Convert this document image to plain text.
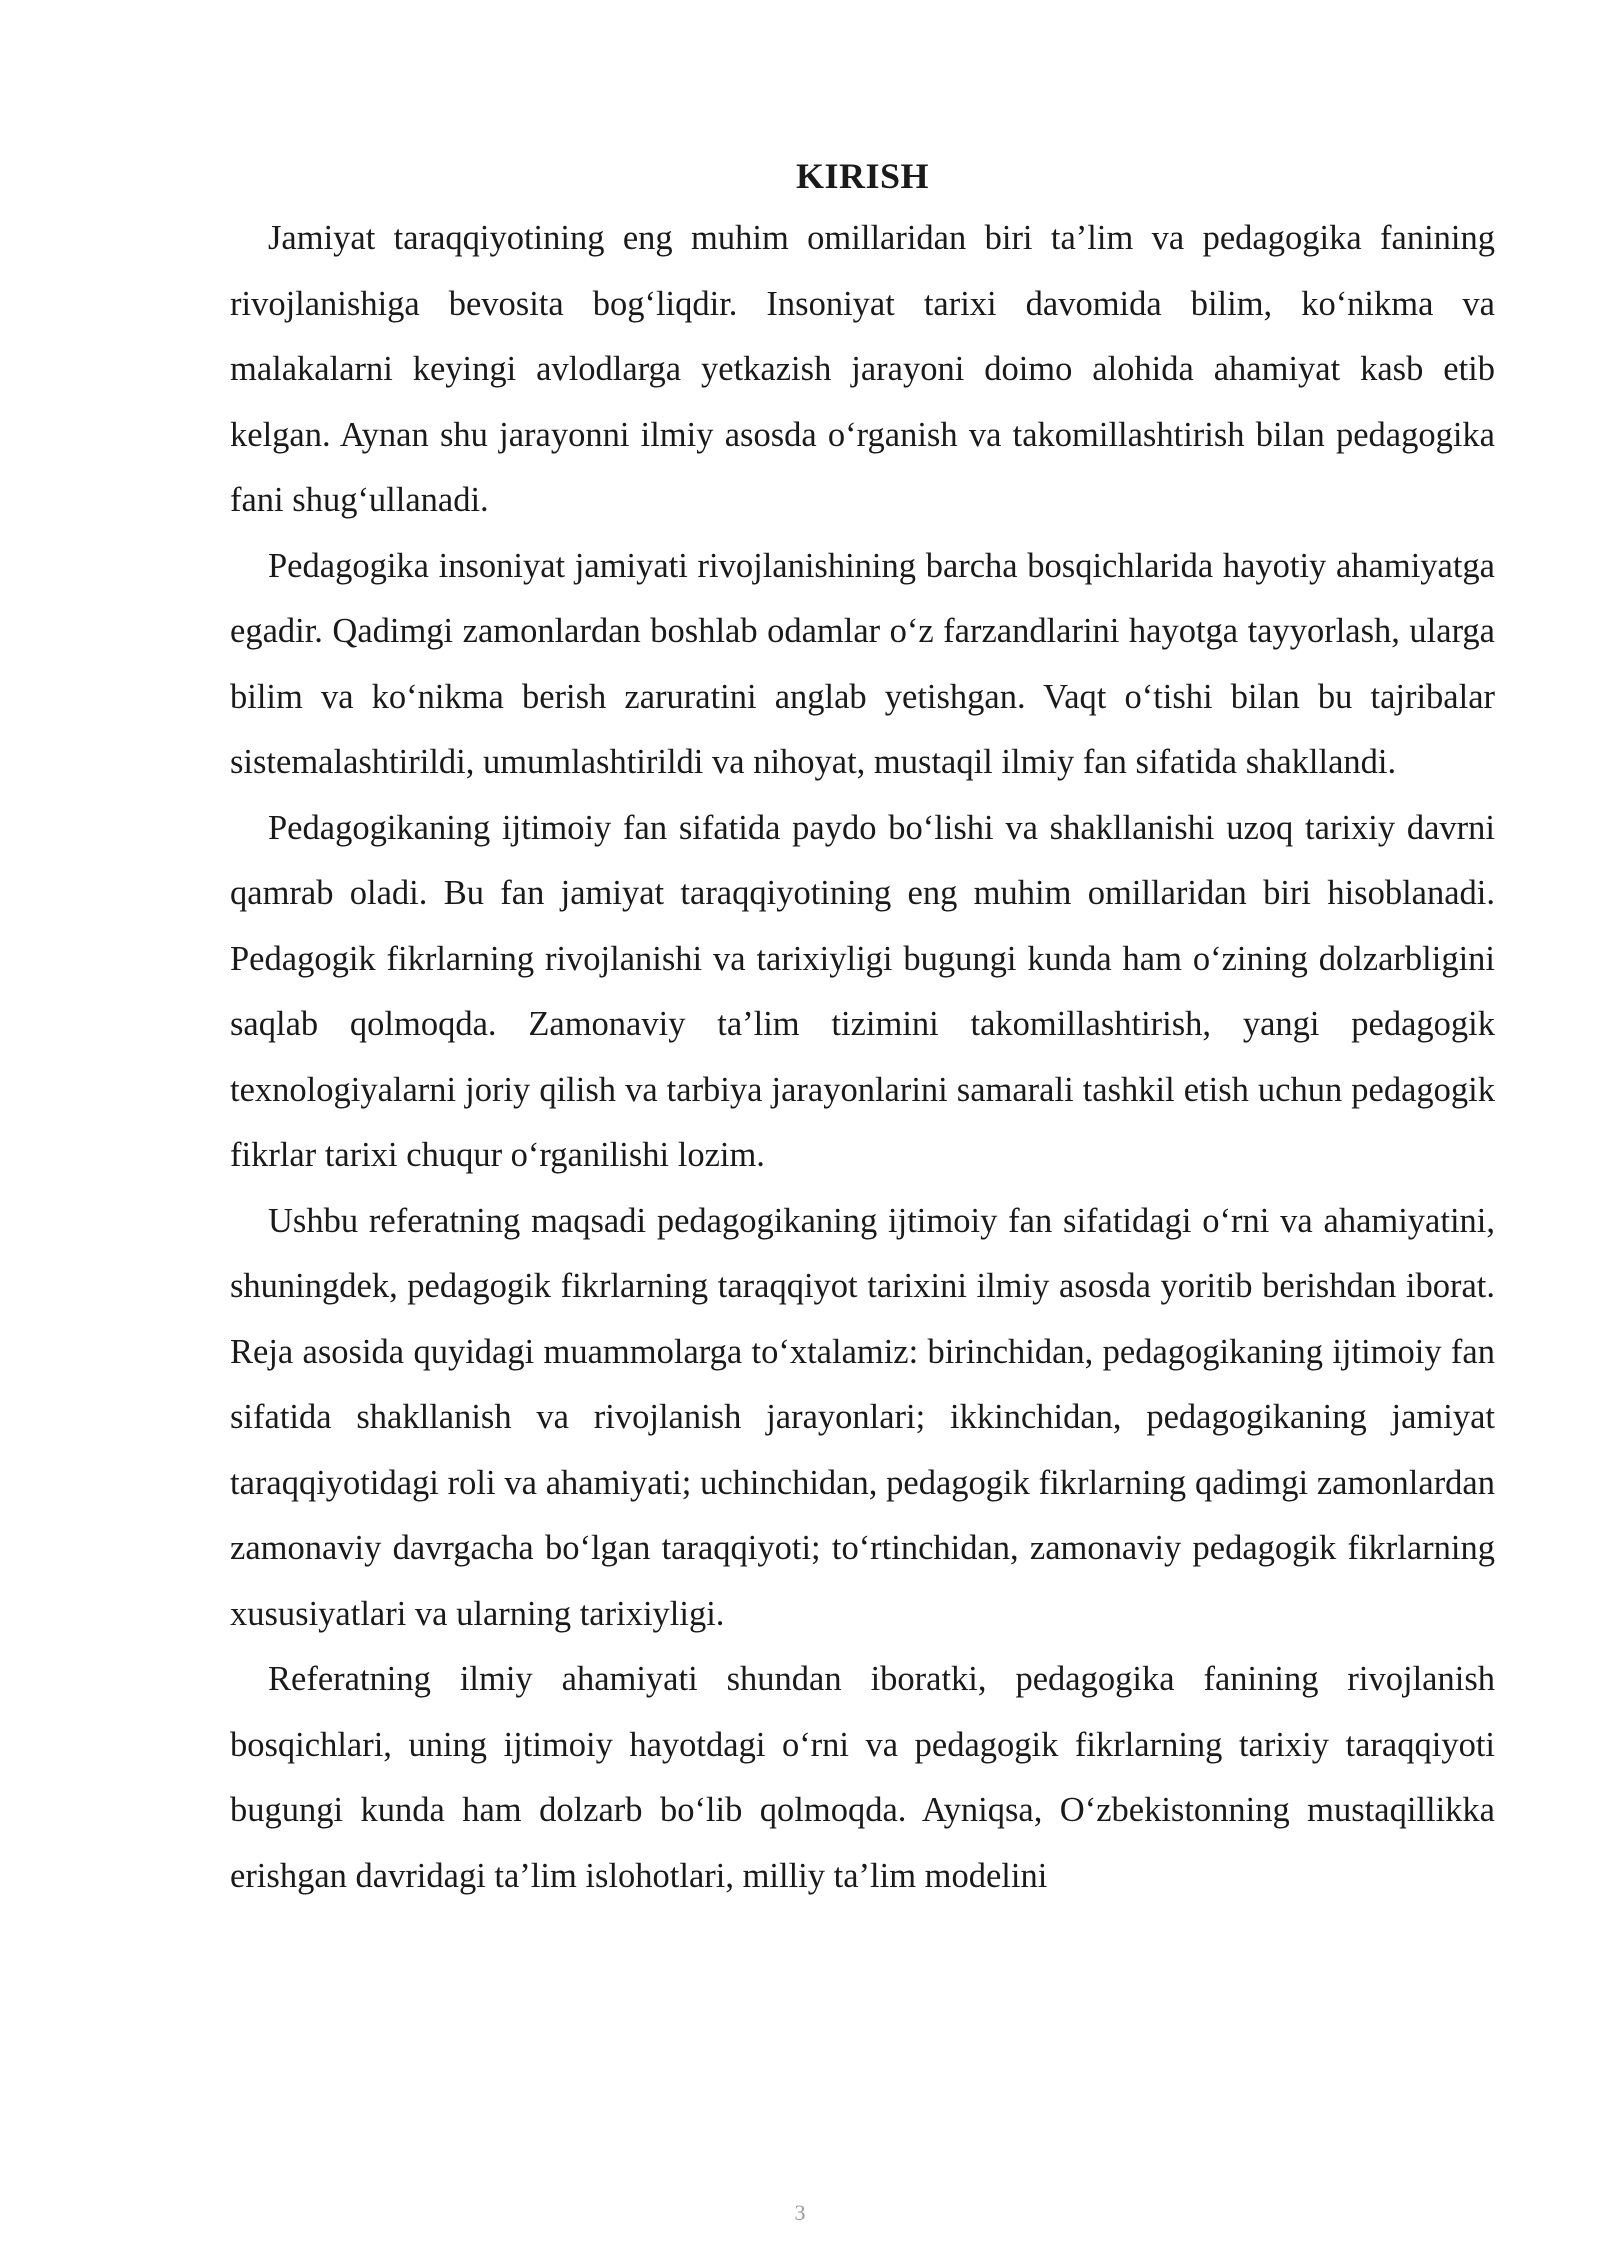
KIRISH

Jamiyat taraqqiyotining eng muhim omillaridan biri ta’lim va pedagogika fanining rivojlanishiga bevosita bog‘liqdir. Insoniyat tarixi davomida bilim, ko‘nikma va malakalarni keyingi avlodlarga yetkazish jarayoni doimo alohida ahamiyat kasb etib kelgan. Aynan shu jarayonni ilmiy asosda o‘rganish va takomillashtirish bilan pedagogika fani shug‘ullanadi.

Pedagogika insoniyat jamiyati rivojlanishining barcha bosqichlarida hayotiy ahamiyatga egadir. Qadimgi zamonlardan boshlab odamlar o‘z farzandlarini hayotga tayyorlash, ularga bilim va ko‘nikma berish zaruratini anglab yetishgan. Vaqt o‘tishi bilan bu tajribalar sistemalashtirildi, umumlashtirildi va nihoyat, mustaqil ilmiy fan sifatida shakllandi.

Pedagogikaning ijtimoiy fan sifatida paydo bo‘lishi va shakllanishi uzoq tarixiy davrni qamrab oladi. Bu fan jamiyat taraqqiyotining eng muhim omillaridan biri hisoblanadi. Pedagogik fikrlarning rivojlanishi va tarixiyligi bugungi kunda ham o‘zining dolzarbligini saqlab qolmoqda. Zamonaviy ta’lim tizimini takomillashtirish, yangi pedagogik texnologiyalarni joriy qilish va tarbiya jarayonlarini samarali tashkil etish uchun pedagogik fikrlar tarixi chuqur o‘rganilishi lozim.

Ushbu referatning maqsadi pedagogikaning ijtimoiy fan sifatidagi o‘rni va ahamiyatini, shuningdek, pedagogik fikrlarning taraqqiyot tarixini ilmiy asosda yoritib berishdan iborat. Reja asosida quyidagi muammolarga to‘xtalamiz: birinchidan, pedagogikaning ijtimoiy fan sifatida shakllanish va rivojlanish jarayonlari; ikkinchidan, pedagogikaning jamiyat taraqqiyotidagi roli va ahamiyati; uchinchidan, pedagogik fikrlarning qadimgi zamonlardan zamonaviy davrgacha bo‘lgan taraqqiyoti; to‘rtinchidan, zamonaviy pedagogik fikrlarning xususiyatlari va ularning tarixiyligi.

Referatning ilmiy ahamiyati shundan iboratki, pedagogika fanining rivojlanish bosqichlari, uning ijtimoiy hayotdagi o‘rni va pedagogik fikrlarning tarixiy taraqqiyoti bugungi kunda ham dolzarb bo‘lib qolmoqda. Ayniqsa, O‘zbekistonning mustaqillikka erishgan davridagi ta’lim islohotlari, milliy ta’lim modelini

3
